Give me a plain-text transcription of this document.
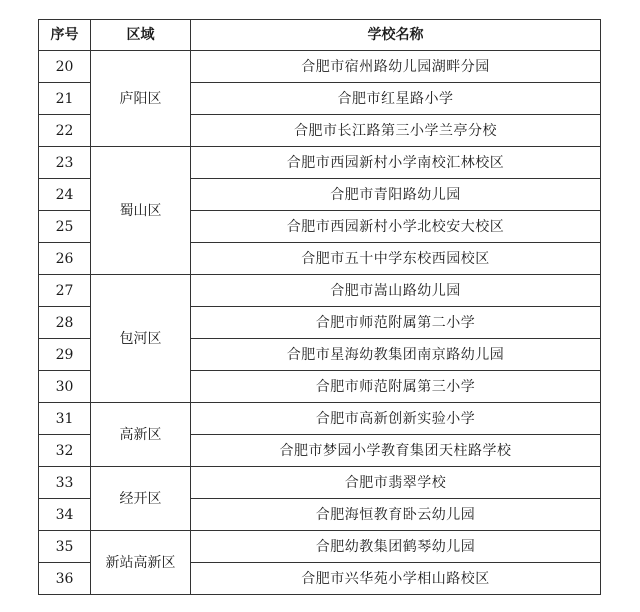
序号	区域	学校名称
20	庐阳区	合肥市宿州路幼儿园湖畔分园
21		合肥市红星路小学
22		合肥市长江路第三小学兰亭分校
23	蜀山区	合肥市西园新村小学南校汇林校区
24		合肥市青阳路幼儿园
25		合肥市西园新村小学北校安大校区
26		合肥市五十中学东校西园校区
27	包河区	合肥市嵩山路幼儿园
28		合肥市师范附属第二小学
29		合肥市星海幼教集团南京路幼儿园
30		合肥市师范附属第三小学
31	高新区	合肥市高新创新实验小学
32		合肥市梦园小学教育集团天柱路学校
33	经开区	合肥市翡翠学校
34		合肥海恒教育卧云幼儿园
35	新站高新区	合肥幼教集团鹤琴幼儿园
36		合肥市兴华苑小学相山路校区
